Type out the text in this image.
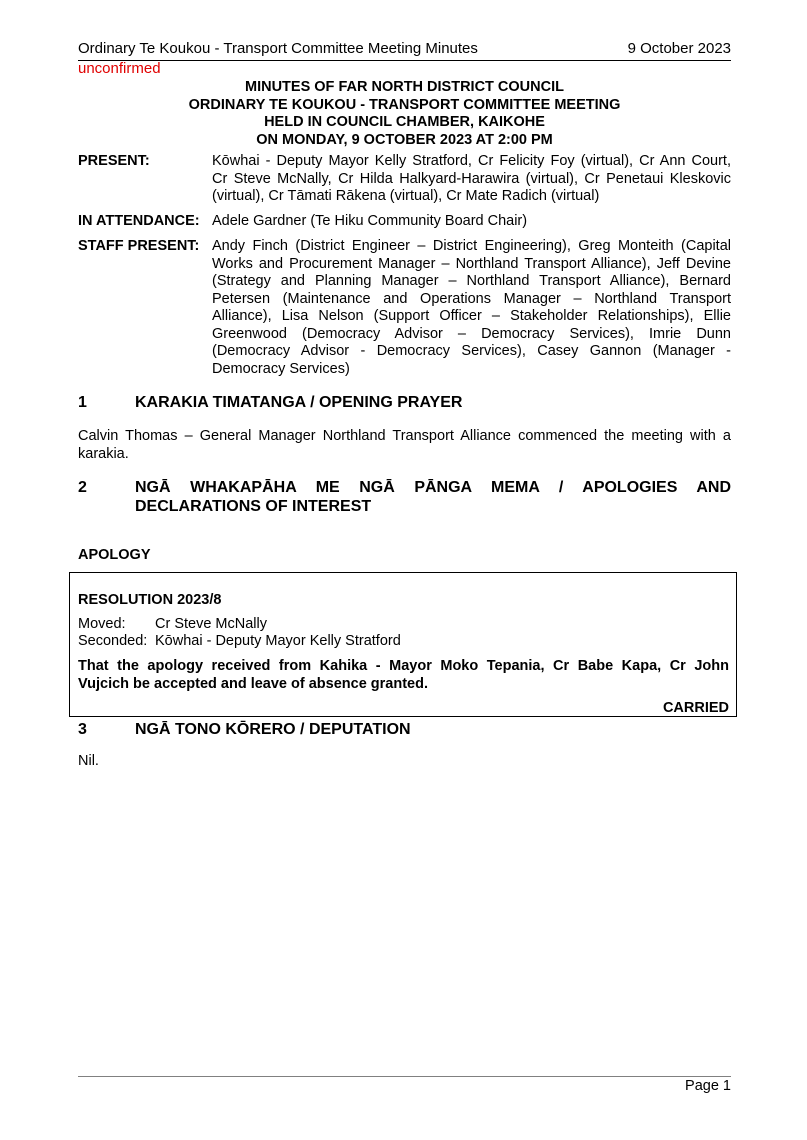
Ordinary Te Koukou - Transport Committee Meeting Minutes	9 October 2023
unconfirmed
MINUTES OF FAR NORTH DISTRICT COUNCIL
ORDINARY TE KOUKOU - TRANSPORT COMMITTEE MEETING
HELD IN COUNCIL CHAMBER, KAIKOHE
ON MONDAY, 9 OCTOBER 2023 AT 2:00 PM
PRESENT:	Kōwhai - Deputy Mayor Kelly Stratford, Cr Felicity Foy (virtual), Cr Ann Court,
Cr Steve McNally, Cr Hilda Halkyard-Harawira (virtual), Cr Penetaui Kleskovic
(virtual), Cr Tāmati Rākena (virtual), Cr Mate Radich (virtual)
IN ATTENDANCE: Adele Gardner (Te Hiku Community Board Chair)
STAFF PRESENT: Andy Finch (District Engineer – District Engineering), Greg Monteith (Capital
Works and Procurement Manager – Northland Transport Alliance), Jeff Devine
(Strategy and Planning Manager – Northland Transport Alliance), Bernard
Petersen (Maintenance and Operations Manager – Northland Transport
Alliance), Lisa Nelson (Support Officer – Stakeholder Relationships), Ellie
Greenwood (Democracy Advisor – Democracy Services), Imrie Dunn
(Democracy Advisor - Democracy Services), Casey Gannon (Manager -
Democracy Services)
1	KARAKIA TIMATANGA / OPENING PRAYER
Calvin Thomas – General Manager Northland Transport Alliance commenced the meeting with a
karakia.
2	NGĀ WHAKAPĀHA ME NGĀ PĀNGA MEMA / APOLOGIES AND
DECLARATIONS OF INTEREST
APOLOGY
RESOLUTION 2023/8
Moved: Cr Steve McNally
Seconded: Kōwhai - Deputy Mayor Kelly Stratford
That the apology received from Kahika - Mayor Moko Tepania, Cr Babe Kapa, Cr John
Vujcich be accepted and leave of absence granted.
CARRIED
3	NGĀ TONO KŌRERO / DEPUTATION
Nil.
Page 1
